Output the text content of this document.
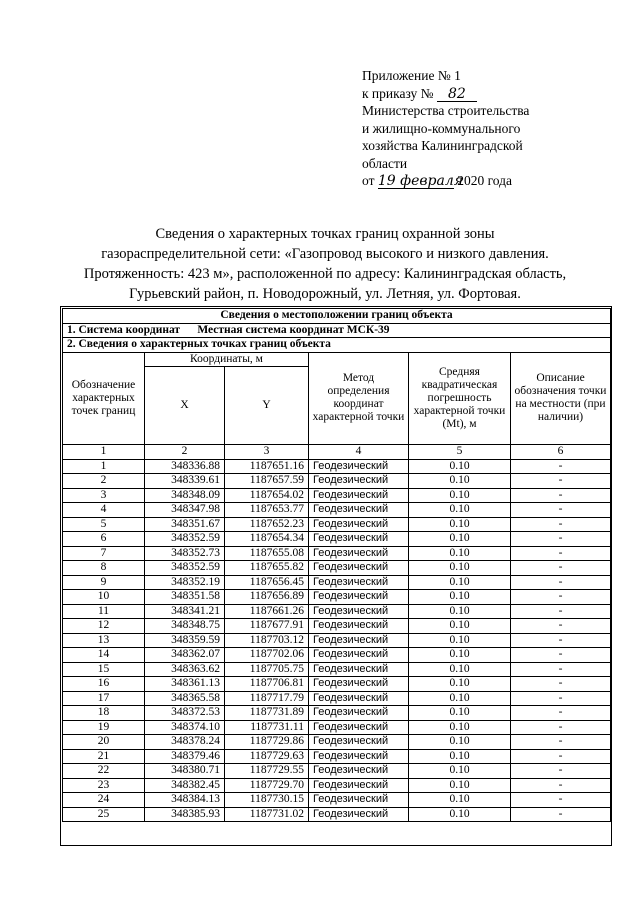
Приложение № 1
к приказу № 82
Министерства строительства
и жилищно-коммунального
хозяйства Калининградской
области
от 19 февраля 2020 года
Сведения о характерных точках границ охранной зоны
газораспределительной сети: «Газопровод высокого и низкого давления.
Протяженность: 423 м», расположенной по адресу: Калининградская область,
Гурьевский район, п. Новодорожный, ул. Летняя, ул. Фортовая.
Сведения о местоположении границ объекта					
1. Система координат Местная система координат МСК-39					
2. Сведения о характерных точках границ объекта					
Обозначение характерных точек границ	Координаты, м		Метод определения координат характерной точки	Средняя квадратическая погрешность характерной точки (Mt), м	Описание обозначения точки на местности (при наличии)
	X	Y			
1	2	3	4	5	6
1	348336.88	1187651.16	Геодезический	0.10	-
2	348339.61	1187657.59	Геодезический	0.10	-
3	348348.09	1187654.02	Геодезический	0.10	-
4	348347.98	1187653.77	Геодезический	0.10	-
5	348351.67	1187652.23	Геодезический	0.10	-
6	348352.59	1187654.34	Геодезический	0.10	-
7	348352.73	1187655.08	Геодезический	0.10	-
8	348352.59	1187655.82	Геодезический	0.10	-
9	348352.19	1187656.45	Геодезический	0.10	-
10	348351.58	1187656.89	Геодезический	0.10	-
11	348341.21	1187661.26	Геодезический	0.10	-
12	348348.75	1187677.91	Геодезический	0.10	-
13	348359.59	1187703.12	Геодезический	0.10	-
14	348362.07	1187702.06	Геодезический	0.10	-
15	348363.62	1187705.75	Геодезический	0.10	-
16	348361.13	1187706.81	Геодезический	0.10	-
17	348365.58	1187717.79	Геодезический	0.10	-
18	348372.53	1187731.89	Геодезический	0.10	-
19	348374.10	1187731.11	Геодезический	0.10	-
20	348378.24	1187729.86	Геодезический	0.10	-
21	348379.46	1187729.63	Геодезический	0.10	-
22	348380.71	1187729.55	Геодезический	0.10	-
23	348382.45	1187729.70	Геодезический	0.10	-
24	348384.13	1187730.15	Геодезический	0.10	-
25	348385.93	1187731.02	Геодезический	0.10	-
